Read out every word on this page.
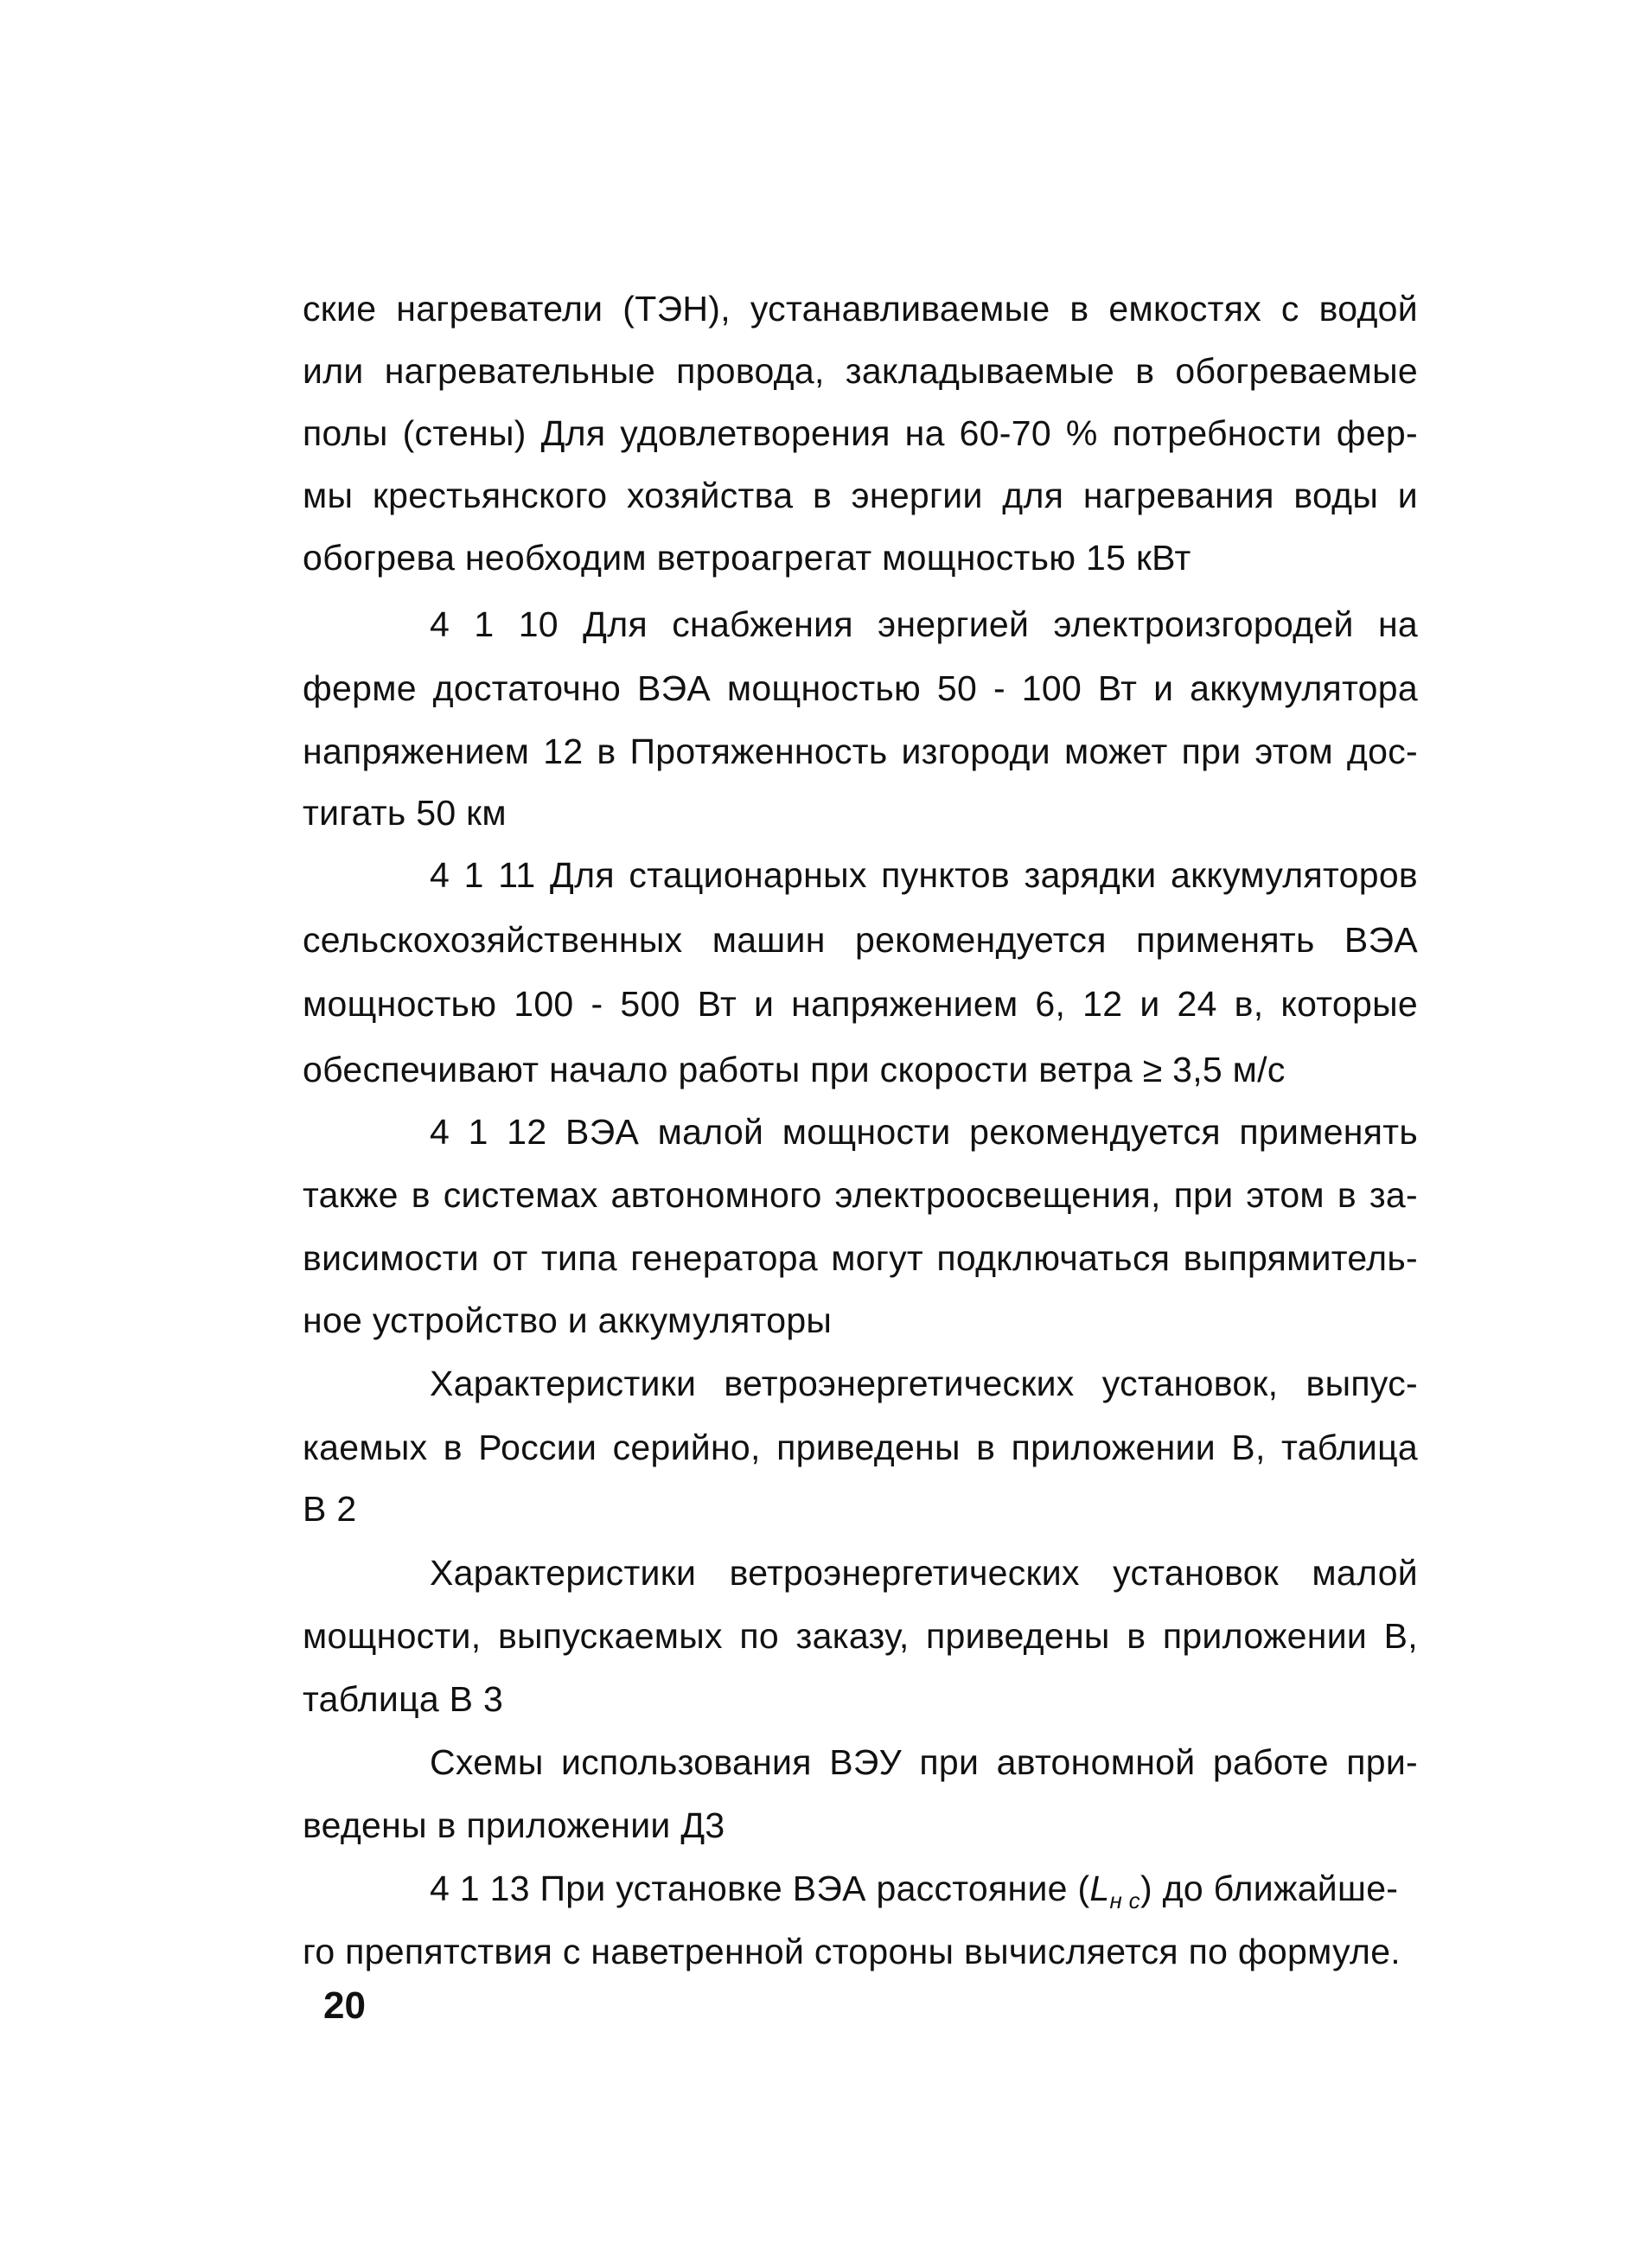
ские нагреватели (ТЭН), устанавливаемые в емкостях с водой
или нагревательные провода, закладываемые в обогреваемые
полы (стены) Для удовлетворения на 60-70 % потребности фер-
мы крестьянского хозяйства в энергии для нагревания воды и
обогрева необходим ветроагрегат мощностью 15 кВт
4 1 10 Для снабжения энергией электроизгородей на
ферме достаточно ВЭА мощностью 50 - 100 Вт и аккумулятора
напряжением 12 в Протяженность изгороди может при этом дос-
тигать 50 км
4 1 11 Для стационарных пунктов зарядки аккумуляторов
сельскохозяйственных машин рекомендуется применять ВЭА
мощностью 100 - 500 Вт и напряжением 6, 12 и 24 в, которые
обеспечивают начало работы при скорости ветра ≥ 3,5 м/с
4 1 12 ВЭА малой мощности рекомендуется применять
также в системах автономного электроосвещения, при этом в за-
висимости от типа генератора могут подключаться выпрямитель-
ное устройство и аккумуляторы
Характеристики ветроэнергетических установок, выпус-
каемых в России серийно, приведены в приложении В, таблица
В 2
Характеристики ветроэнергетических установок малой
мощности, выпускаемых по заказу, приведены в приложении В,
таблица В 3
Схемы использования ВЭУ при автономной работе при-
ведены в приложении Д3
4 1 13 При установке ВЭА расстояние $(L_{н с})$ до ближайше-
го препятствия с наветренной стороны вычисляется по формуле.
20
